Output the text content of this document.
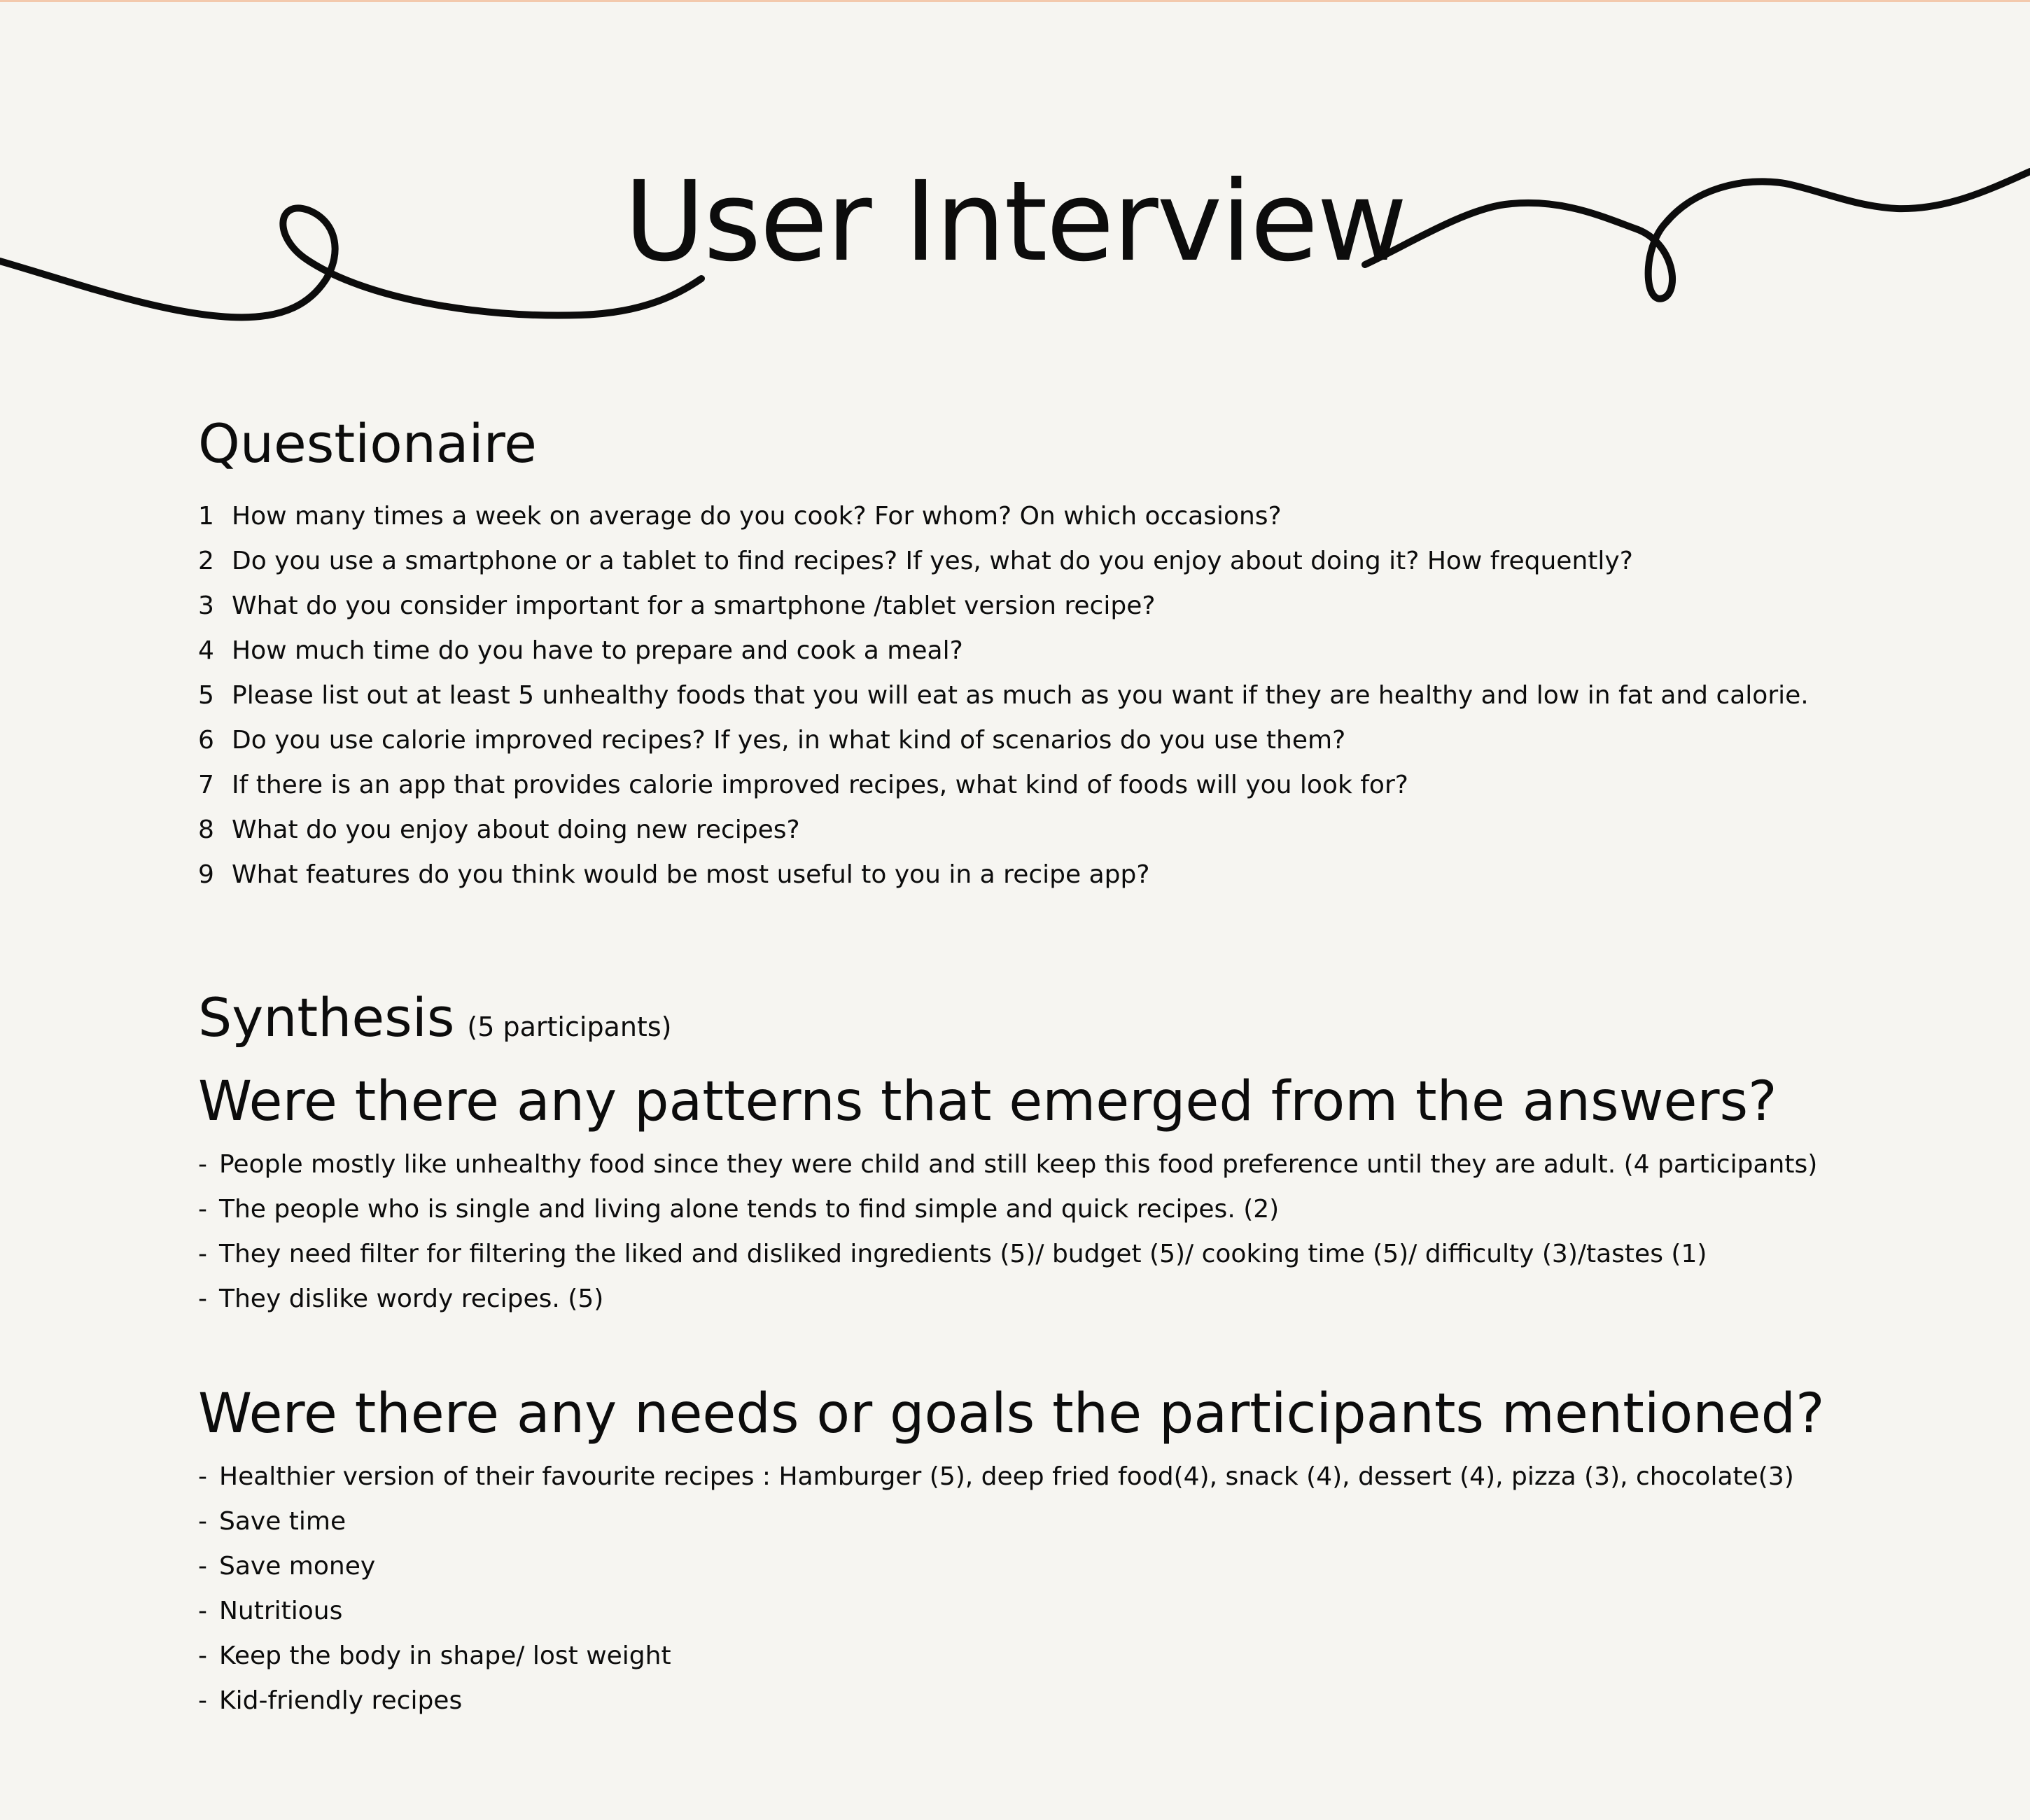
User Interview
Questionaire
1 How many times a week on average do you cook? For whom? On which occasions?
2 Do you use a smartphone or a tablet to find recipes? If yes, what do you enjoy about doing it? How frequently?
3 What do you consider important for a smartphone /tablet version recipe?
4 How much time do you have to prepare and cook a meal?
5 Please list out at least 5 unhealthy foods that you will eat as much as you want if they are healthy and low in fat and calorie.
6 Do you use calorie improved recipes? If yes, in what kind of scenarios do you use them?
7 If there is an app that provides calorie improved recipes, what kind of foods will you look for?
8 What do you enjoy about doing new recipes?
9 What features do you think would be most useful to you in a recipe app?
Synthesis (5 participants)
Were there any patterns that emerged from the answers?
- People mostly like unhealthy food since they were child and still keep this food preference until they are adult. (4 participants)
- The people who is single and living alone tends to find simple and quick recipes. (2)
- They need filter for filtering the liked and disliked ingredients (5)/ budget (5)/ cooking time (5)/ difficulty (3)/tastes (1)
- They dislike wordy recipes. (5)
Were there any needs or goals the participants mentioned?
- Healthier version of their favourite recipes : Hamburger (5), deep fried food(4), snack (4), dessert (4), pizza (3), chocolate(3)
- Save time
- Save money
- Nutritious
- Keep the body in shape/ lost weight
- Kid-friendly recipes
